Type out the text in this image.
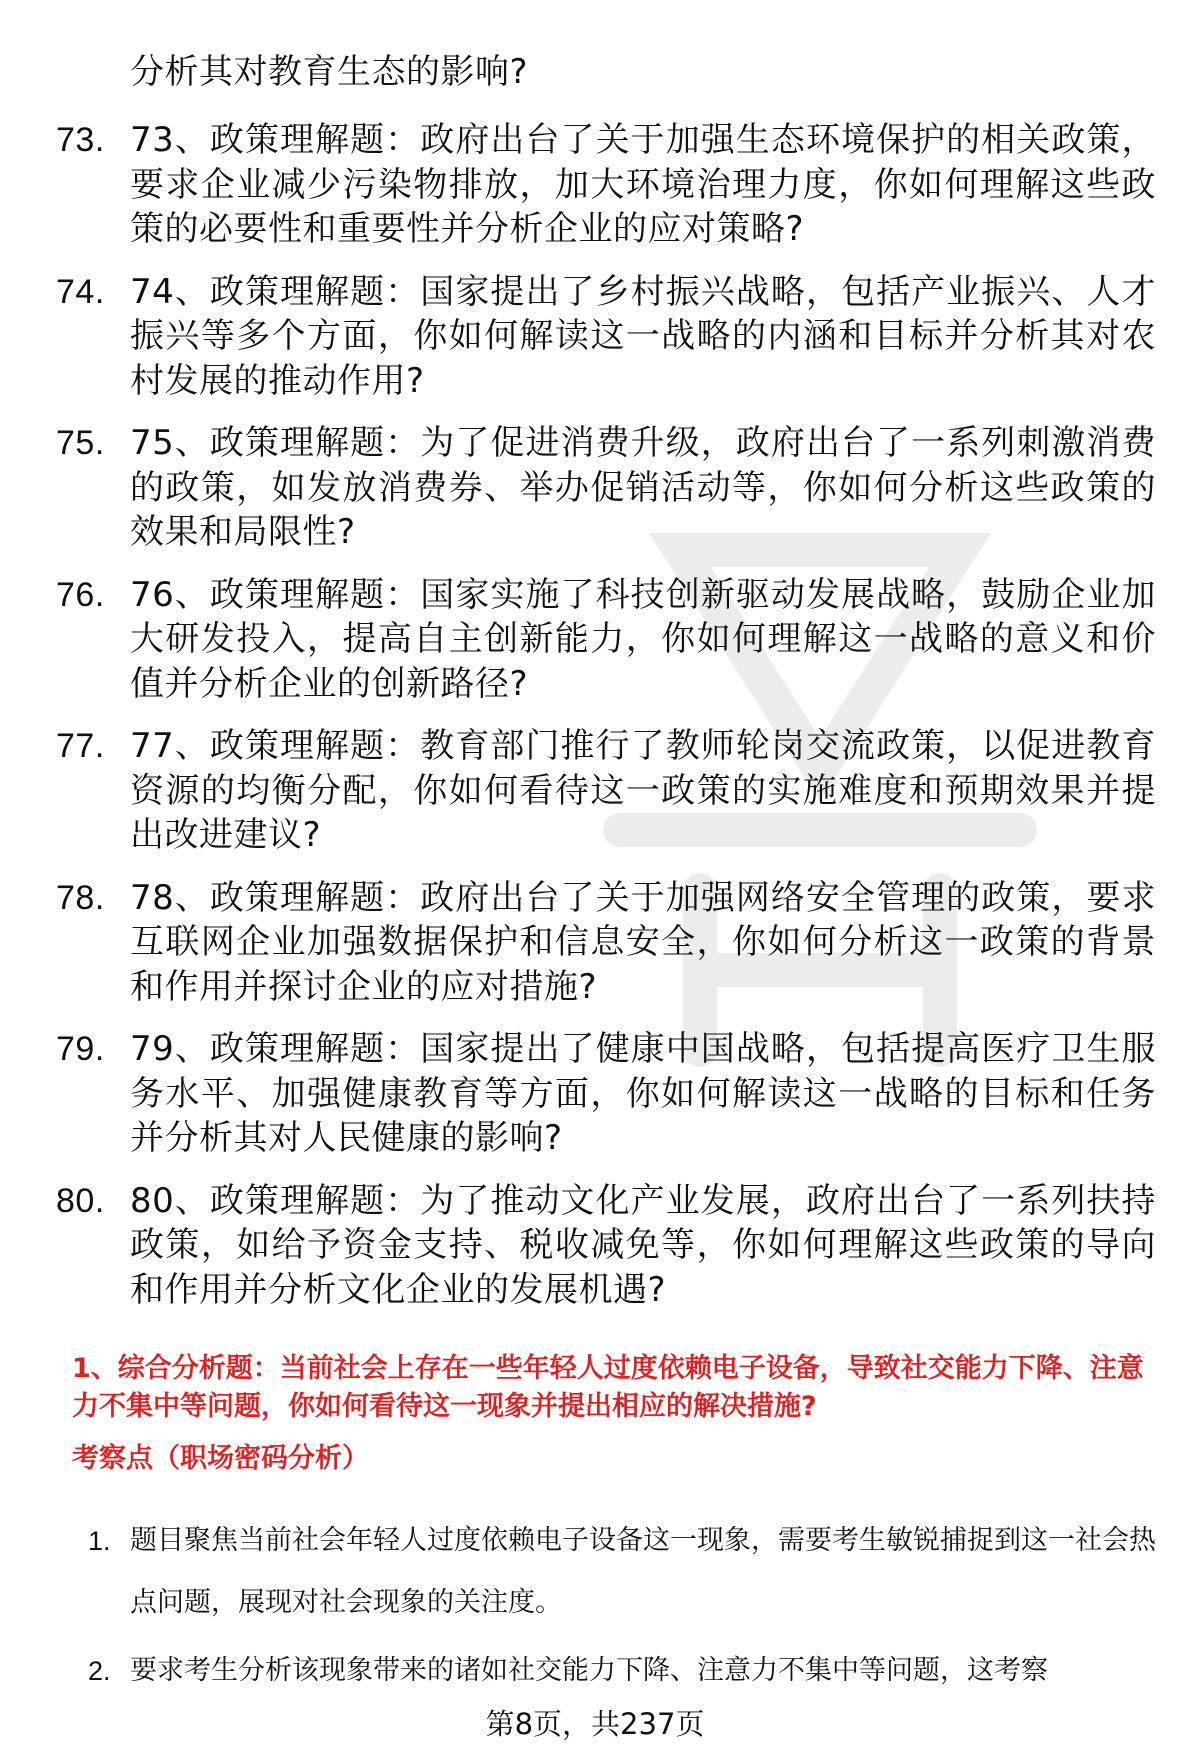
分析其对教育生态的影响?

73. 73、政策理解题：政府出台了关于加强生态环境保护的相关政策，要求企业减少污染物排放，加大环境治理力度，你如何理解这些政策的必要性和重要性并分析企业的应对策略?
74. 74、政策理解题：国家提出了乡村振兴战略，包括产业振兴、人才振兴等多个方面，你如何解读这一战略的内涵和目标并分析其对农村发展的推动作用?
75. 75、政策理解题：为了促进消费升级，政府出台了一系列刺激消费的政策，如发放消费券、举办促销活动等，你如何分析这些政策的效果和局限性?
76. 76、政策理解题：国家实施了科技创新驱动发展战略，鼓励企业加大研发投入，提高自主创新能力，你如何理解这一战略的意义和价值并分析企业的创新路径?
77. 77、政策理解题：教育部门推行了教师轮岗交流政策，以促进教育资源的均衡分配，你如何看待这一政策的实施难度和预期效果并提出改进建议?
78. 78、政策理解题：政府出台了关于加强网络安全管理的政策，要求互联网企业加强数据保护和信息安全，你如何分析这一政策的背景和作用并探讨企业的应对措施?
79. 79、政策理解题：国家提出了健康中国战略，包括提高医疗卫生服务水平、加强健康教育等方面，你如何解读这一战略的目标和任务并分析其对人民健康的影响?
80. 80、政策理解题：为了推动文化产业发展，政府出台了一系列扶持政策，如给予资金支持、税收减免等，你如何理解这些政策的导向和作用并分析文化企业的发展机遇?

1、综合分析题：当前社会上存在一些年轻人过度依赖电子设备，导致社交能力下降、注意力不集中等问题，你如何看待这一现象并提出相应的解决措施?

考察点（职场密码分析）

1. 题目聚焦当前社会年轻人过度依赖电子设备这一现象，需要考生敏锐捕捉到这一社会热点问题，展现对社会现象的关注度。
2. 要求考生分析该现象带来的诸如社交能力下降、注意力不集中等问题，这考察

第8页，共237页
